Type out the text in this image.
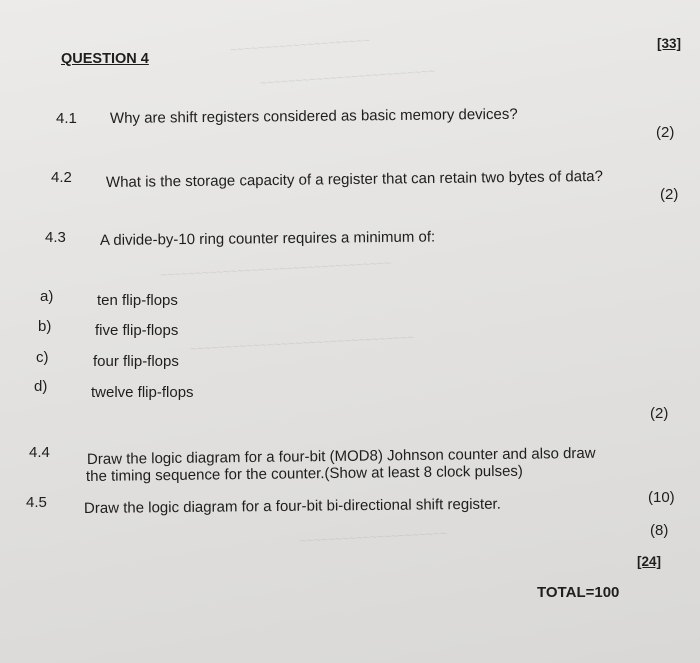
~~~~~~~~~~~~~~~~~~~~
~~~~~~~~~~~~~~~~~~~~~~~~~
~~~~~~~~~~~~~~~~~~~~~~~~~~~~~~~~~
~~~~~~~~~~~~~~~~~~~~~~~~~~~~~~~~
~~~~~~~~~~~~~~~~~~~~~
[33]
QUESTION 4
4.1 Why are shift registers considered as basic memory devices?
(2)
4.2 What is the storage capacity of a register that can retain two bytes of data?
(2)
4.3 A divide-by-10 ring counter requires a minimum of:
a)	ten flip-flops
b)	five flip-flops
c)	four flip-flops
d)	twelve flip-flops
(2)
4.4 Draw the logic diagram for a four-bit (MOD8) Johnson counter and also draw
the timing sequence for the counter.(Show at least 8 clock pulses)
(10)
4.5 Draw the logic diagram for a four-bit bi-directional shift register.
(8)
[24]
TOTAL=100
